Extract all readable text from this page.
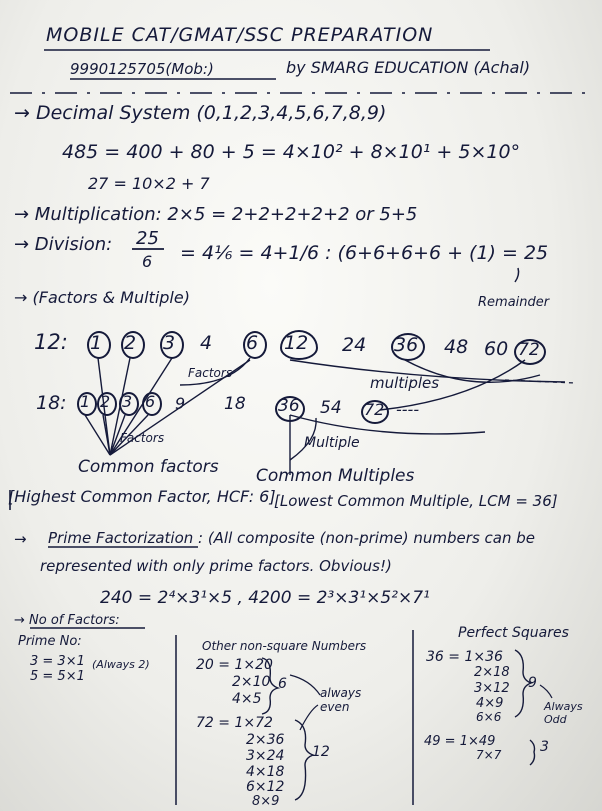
MOBILE CAT/GMAT/SSC PREPARATION
9990125705(Mob:)	by SMARG EDUCATION (Achal)
→ Decimal System (0,1,2,3,4,5,6,7,8,9)
485 = 400 + 80 + 5 = 4×10² + 8×10¹ + 5×10°
27 = 10×2 + 7
→ Multiplication: 2×5 = 2+2+2+2+2 or 5+5
→ Division: 25
6 = 4⅙ = 4+1/6 : (6+6+6+6 + (1) = 25
Remainder
→ (Factors & Multiple)
12: 1 2 3 4 6 12 24 36 48 60 72
Factors
multiples
18: 1 2 3 6 9 18 36 54 72 ----
Factors	Multiple
Common factors Common Multiples
[Highest Common Factor, HCF: 6]
[Lowest Common Multiple, LCM = 36]
→ Prime Factorization : (All composite (non-prime) numbers can be
represented with only prime factors. Obvious!)
240 = 2⁴×3¹×5 , 4200 = 2³×3¹×5²×7¹
→ No of Factors:
Prime No:
3 = 3×1
5 = 5×1
(Always 2)
Other non-square Numbers
20 = 1×20
2×10
4×5
6
always even
72 = 1×72
2×36
3×24
4×18
6×12
8×9
12
Perfect Squares
36 = 1×36
2×18
3×12
4×9
6×6
9
Always Odd
49 = 1×49
7×7	3
